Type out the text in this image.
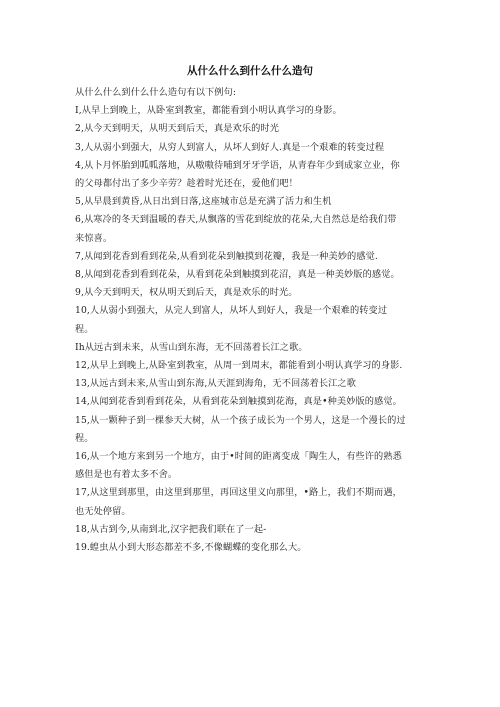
从什么什么到什么什么造句
从什么什么到什么什么造句有以下例句:
I,从早上到晚上，从卧室到教室，都能看到小明认真学习的身影。
2,从今天到明天，从明天到后天，真是欢乐的时光
3,人从弱小到强大，从穷人到富人，从坏人到好人.真是一个艰难的转变过程
4,从卜月怀胎到呱呱落地，从嗷嗷待哺到牙牙学语，从青春年少到成家立业，你
的父母都付出了多少辛劳？趁着时光还在，爱他们吧！
5,从早晨到黄昏,从日出到日落,这座城市总是充满了活力和生机
6,从寒冷的冬天到温暖的春天,从飘落的雪花到绽放的花朵,大自然总是给我们带
来惊喜。
7,从闻到花香到看到花朵,从看到花朵到触摸到花瓣，我是一种美妙的感觉.
8,从闻到花香到看到花朵，从看到花朵到触摸到花沼，真是一种美妙版的感觉。
9,从今天到明天，权从明天到后天，真是欢乐的时光。
10,人从弱小到强大，从完人到富人，从坏人到好人，我是一个艰难的转变过
程。
Ih从远古到未来，从雪山到东海，无不回荡着长江之歌。
12,从早上到晚上,从卧室到教室，从周一到周末，都能看到小明认真学习的身影.
13,从远古到未来,从雪山到东海,从天涯到海角，无不回荡着长江之歌
14,从闻到花香到看到花朵，从看到花朵到触摸到花海，真是•种美妙版的感觉。
15,从一颗种子到一棵参天大树，从一个孩子成长为一个男人，这是一个漫长的过
程。
16,从一个地方来到另一个地方，由于•时间的距离变成「陶生人，有些许的熟悉
感但是也有着太多不舍。
17,从这里到那里，由这里到那里，再回这里义向那里，•路上，我们不期而遇，
也无处停留。
18,从古到今,从南到北,汉字把我们联在了一起-
19.蝗虫从小到大形态都差不多,不像蝴蝶的变化那么大。
